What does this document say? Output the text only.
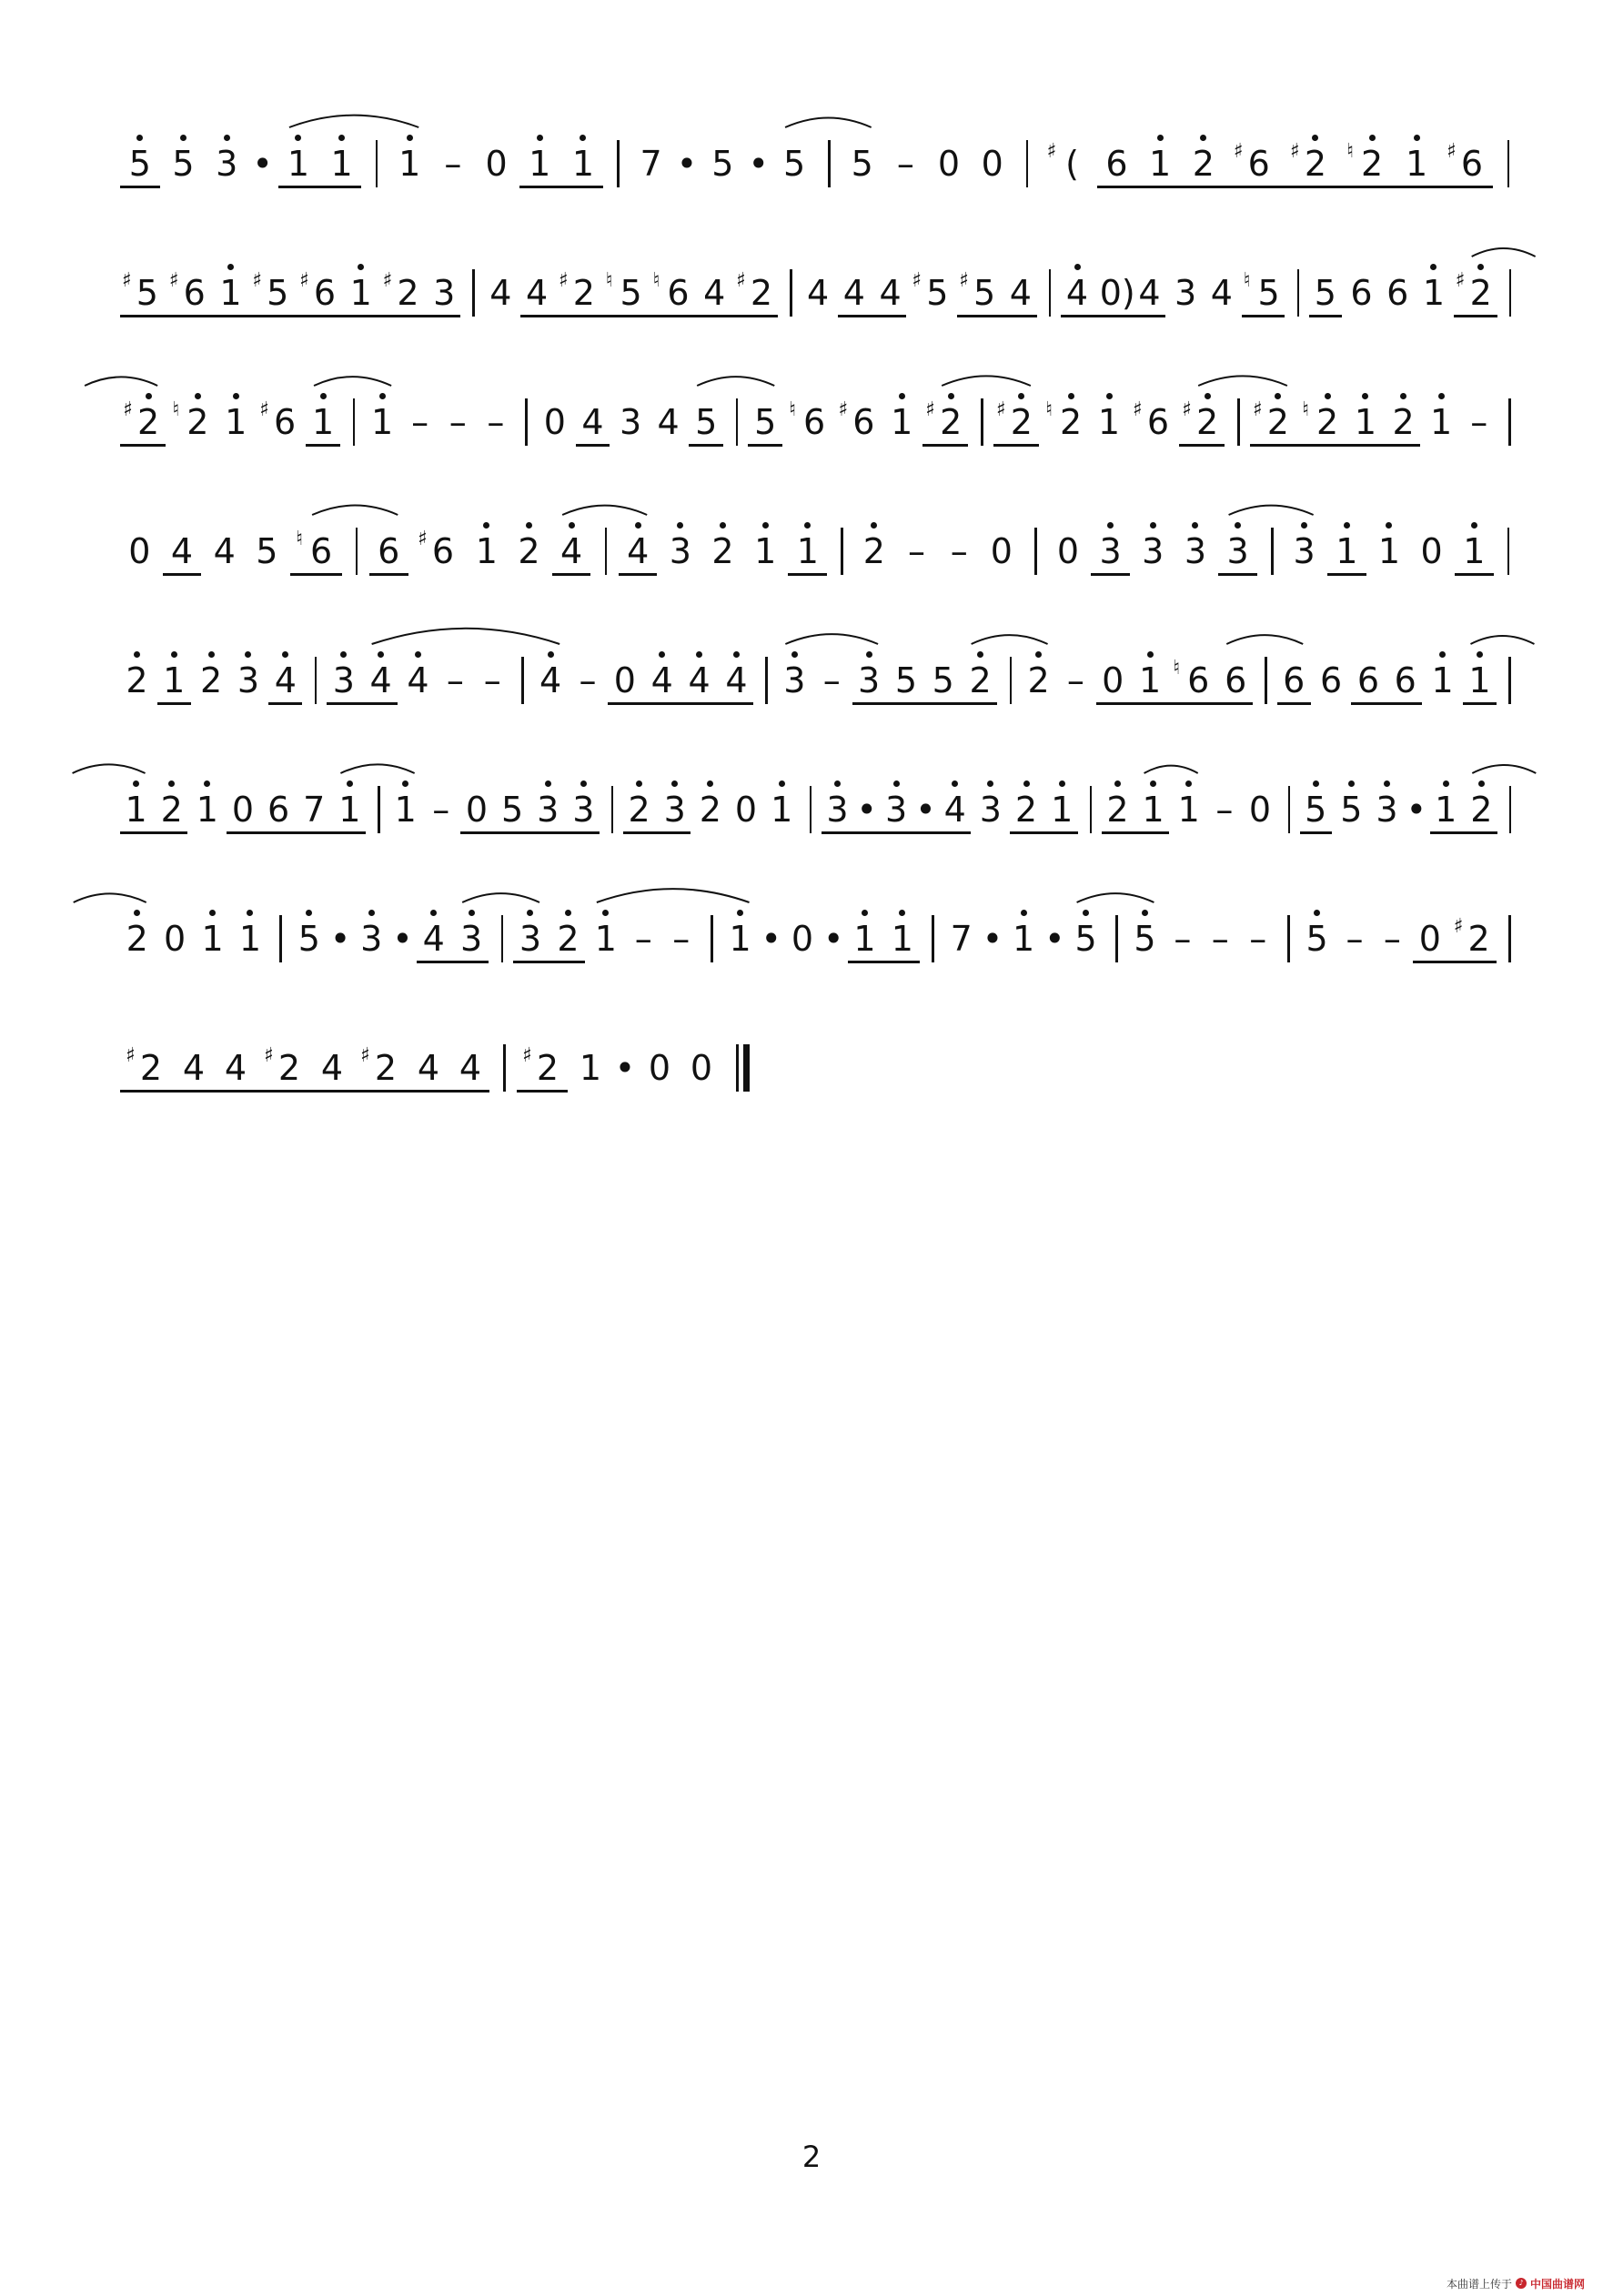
5 5 3 • 1 1 1 – 0 1 1 7 • 5 • 5 5 – 0 0 ♯ ( 6 1 2 ♯ 6 ♯ 2 ♮ 2 1 ♯ 6
♯ 5 ♯ 6 1 ♯ 5 ♯ 6 1 ♯ 2 3 4 4 ♯ 2 ♮ 5 ♮ 6 4 ♯ 2 4 4 4 ♯ 5 ♯ 5 4 4 0) 4 3 4 ♮ 5 5 6 6 1 ♯ 2
♯ 2 ♮ 2 1 ♯ 6 1 1 – – – 0 4 3 4 5 5 ♮ 6 ♯ 6 1 ♯ 2 ♯ 2 ♮ 2 1 ♯ 6 ♯ 2 ♯ 2 ♮ 2 1 2 1 –
0 4 4 5 ♮ 6 6 ♯ 6 1 2 4 4 3 2 1 1 2 – – 0 0 3 3 3 3 3 1 1 0 1
2 1 2 3 4 3 4 4 – – 4 – 0 4 4 4 3 – 3 5 5 2 2 – 0 1 ♮ 6 6 6 6 6 6 1 1
1 2 1 0 6 7 1 1 – 0 5 3 3 2 3 2 0 1 3 • 3 • 4 3 2 1 2 1 1 – 0 5 5 3 • 1 2
2 0 1 1 5 • 3 • 4 3 3 2 1 – – 1 • 0 • 1 1 7 • 1 • 5 5 – – – 5 – – 0 ♯ 2
♯ 2 4 4 ♯ 2 4 ♯ 2 4 4 ♯ 2 1 • 0 0
2
本曲谱上传于 ♪ 中国曲谱网
